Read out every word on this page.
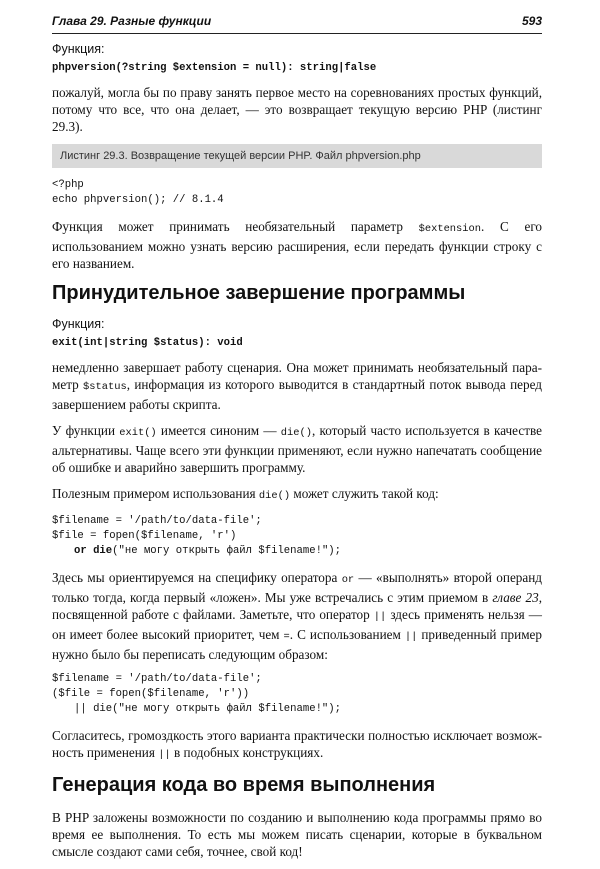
Глава 29. Разные функции	593
Функция:
phpversion(?string $extension = null): string|false

пожалуй, могла бы по праву занять первое место на соревнованиях простых функций, потому что все, что она делает, — это возвращает текущую версию PHP (листинг 29.3).

Листинг 29.3. Возвращение текущей версии PHP. Файл phpversion.php
<?php
echo phpversion(); // 8.1.4

Функция может принимать необязательный параметр $extension. С его использованием можно узнать версию расширения, если передать функции строку с его названием.

Принудительное завершение программы
Функция:
exit(int|string $status): void

немедленно завершает работу сценария. Она может принимать необязательный параметр $status, информация из которого выводится в стандартный поток вывода перед завершением работы скрипта.

У функции exit() имеется синоним — die(), который часто используется в качестве альтернативы. Чаще всего эти функции применяют, если нужно напечатать сообщение об ошибке и аварийно завершить программу.

Полезным примером использования die() может служить такой код:

$filename = '/path/to/data-file';
$file = fopen($filename, 'r')
or die("не могу открыть файл $filename!");

Здесь мы ориентируемся на специфику оператора or — «выполнять» второй операнд только тогда, когда первый «ложен». Мы уже встречались с этим приемом в главе 23, посвященной работе с файлами. Заметьте, что оператор || здесь применять нельзя — он имеет более высокий приоритет, чем =. С использованием || приведенный пример нужно было бы переписать следующим образом:

$filename = '/path/to/data-file';
($file = fopen($filename, 'r'))
|| die("не могу открыть файл $filename!");

Согласитесь, громоздкость этого варианта практически полностью исключает возможность применения || в подобных конструкциях.

Генерация кода во время выполнения

В PHP заложены возможности по созданию и выполнению кода программы прямо во время ее выполнения. То есть мы можем писать сценарии, которые в буквальном смысле создают сами себя, точнее, свой код!
